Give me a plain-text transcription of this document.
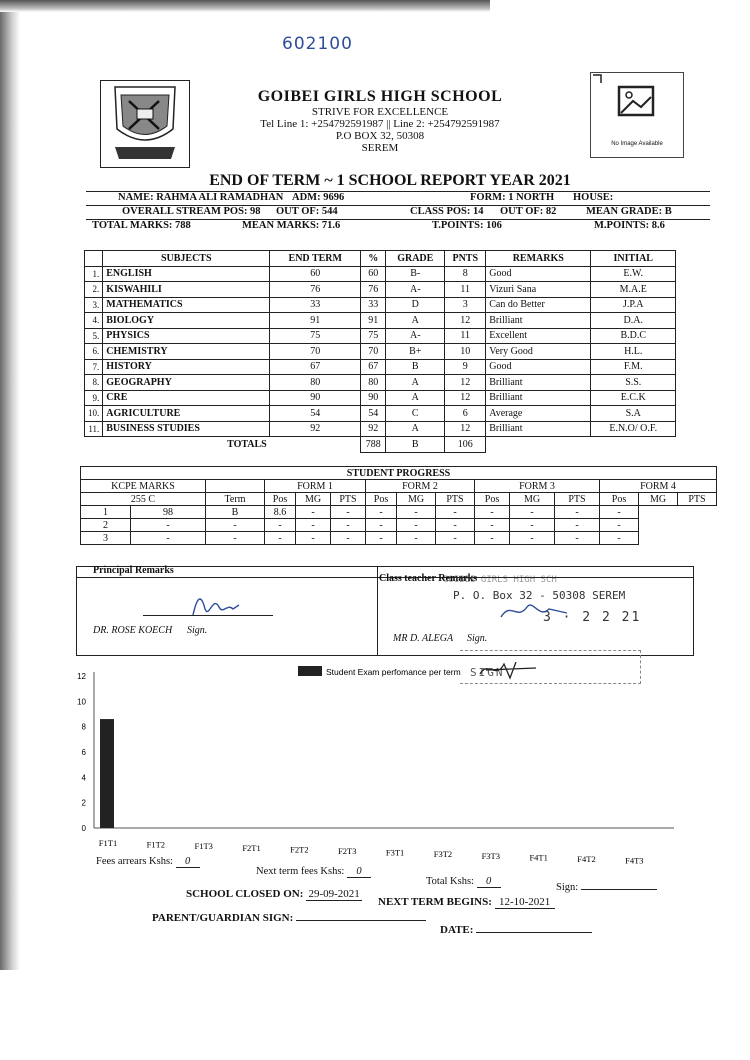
602100
GOIBEI GIRLS HIGH SCHOOL
STRIVE FOR EXCELLENCE
Tel Line 1: +254792591987 || Line 2: +254792591987
P.O BOX 32, 50308
SEREM	No Image Available
END OF TERM ~ 1 SCHOOL REPORT YEAR 2021
NAME: RAHMA ALI RAMADHAN ADM: 9696	FORM: 1 NORTH HOUSE:
OVERALL STREAM POS: 98 OUT OF: 544	CLASS POS: 14 OUT OF: 82	MEAN GRADE: B
TOTAL MARKS: 788	MEAN MARKS: 71.6	T.POINTS: 106	M.POINTS: 8.6
	SUBJECTS	END TERM	%	GRADE	PNTS	REMARKS	INITIAL
1.	ENGLISH	60	60	B-	8	Good	E.W.
2.	KISWAHILI	76	76	A-	11	Vizuri Sana	M.A.E
3.	MATHEMATICS	33	33	D	3	Can do Better	J.P.A
4.	BIOLOGY	91	91	A	12	Brilliant	D.A.
5.	PHYSICS	75	75	A-	11	Excellent	B.D.C
6.	CHEMISTRY	70	70	B+	10	Very Good	H.L.
7.	HISTORY	67	67	B	9	Good	F.M.
8.	GEOGRAPHY	80	80	A	12	Brilliant	S.S.
9.	CRE	90	90	A	12	Brilliant	E.C.K
10.	AGRICULTURE	54	54	C	6	Average	S.A
11.	BUSINESS STUDIES	92	92	A	12	Brilliant	E.N.O/ O.F.
	TOTALS		788	B	106		
STUDENT PROGRESS														
KCPE MARKS			FORM 1			FORM 2			FORM 3			FORM 4		
255 C		Term	Pos	MG	PTS	Pos	MG	PTS	Pos	MG	PTS	Pos	MG	PTS
1	98	B	8.6	-	-	-	-	-	-	-	-	-		
2	-	-	-	-	-	-	-	-	-	-	-	-		
3	-	-	-	-	-	-	-	-	-	-	-	-		
Principal Remarks
Class teacher Remarks
DR. ROSE KOECH Sign.
MR D. ALEGA Sign.
GOIBEI GIRLS HIGH SCH
P. O. Box 32 - 50308 SEREM
3 · 2 2 21
SIGN
0
2
4
6
8
10
12	Student Exam perfomance per term
F1T1	F1T2	F1T3	F2T1	F2T2	F2T3	F3T1	F3T2	F3T3	F4T1	F4T2	F4T3
Fees arrears Kshs: 0
Next term fees Kshs: 0
Total Kshs: 0
Sign:
SCHOOL CLOSED ON: 29-09-2021
NEXT TERM BEGINS: 12-10-2021
PARENT/GUARDIAN SIGN:
DATE:
